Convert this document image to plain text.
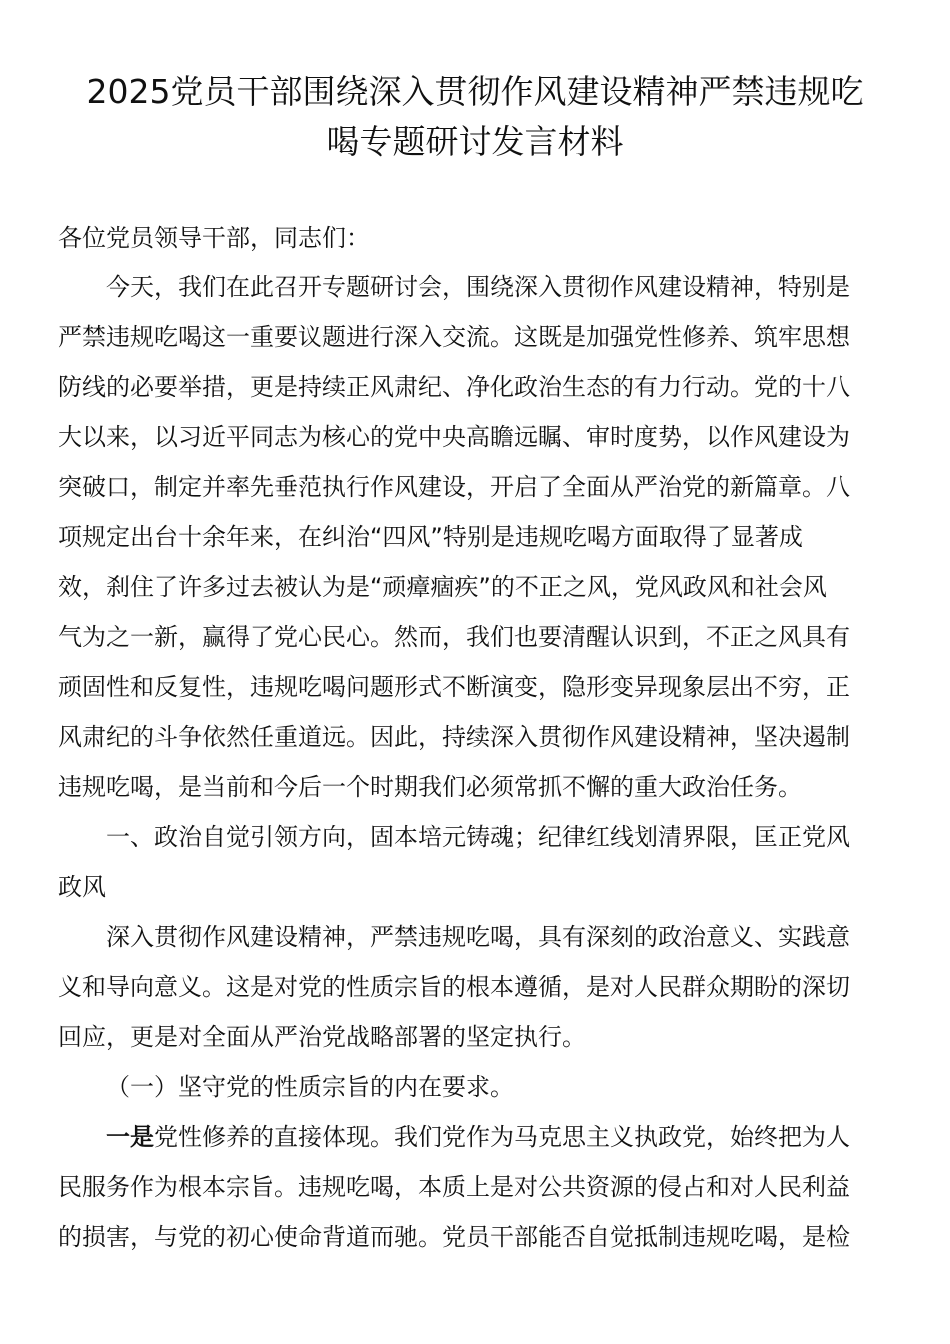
2025党员干部围绕深入贯彻作风建设精神严禁违规吃
喝专题研讨发言材料
各位党员领导干部，同志们：
今天，我们在此召开专题研讨会，围绕深入贯彻作风建设精神，特别是
严禁违规吃喝这一重要议题进行深入交流。这既是加强党性修养、筑牢思想
防线的必要举措，更是持续正风肃纪、净化政治生态的有力行动。党的十八
大以来，以习近平同志为核心的党中央高瞻远瞩、审时度势，以作风建设为
突破口，制定并率先垂范执行作风建设，开启了全面从严治党的新篇章。八
项规定出台十余年来，在纠治“四风”特别是违规吃喝方面取得了显著成
效，刹住了许多过去被认为是“顽瘴痼疾”的不正之风，党风政风和社会风
气为之一新，赢得了党心民心。然而，我们也要清醒认识到，不正之风具有
顽固性和反复性，违规吃喝问题形式不断演变，隐形变异现象层出不穷，正
风肃纪的斗争依然任重道远。因此，持续深入贯彻作风建设精神，坚决遏制
违规吃喝，是当前和今后一个时期我们必须常抓不懈的重大政治任务。
一、政治自觉引领方向，固本培元铸魂；纪律红线划清界限，匡正党风
政风
深入贯彻作风建设精神，严禁违规吃喝，具有深刻的政治意义、实践意
义和导向意义。这是对党的性质宗旨的根本遵循，是对人民群众期盼的深切
回应，更是对全面从严治党战略部署的坚定执行。
（一）坚守党的性质宗旨的内在要求。
一是党性修养的直接体现。我们党作为马克思主义执政党，始终把为人
民服务作为根本宗旨。违规吃喝，本质上是对公共资源的侵占和对人民利益
的损害，与党的初心使命背道而驰。党员干部能否自觉抵制违规吃喝，是检
